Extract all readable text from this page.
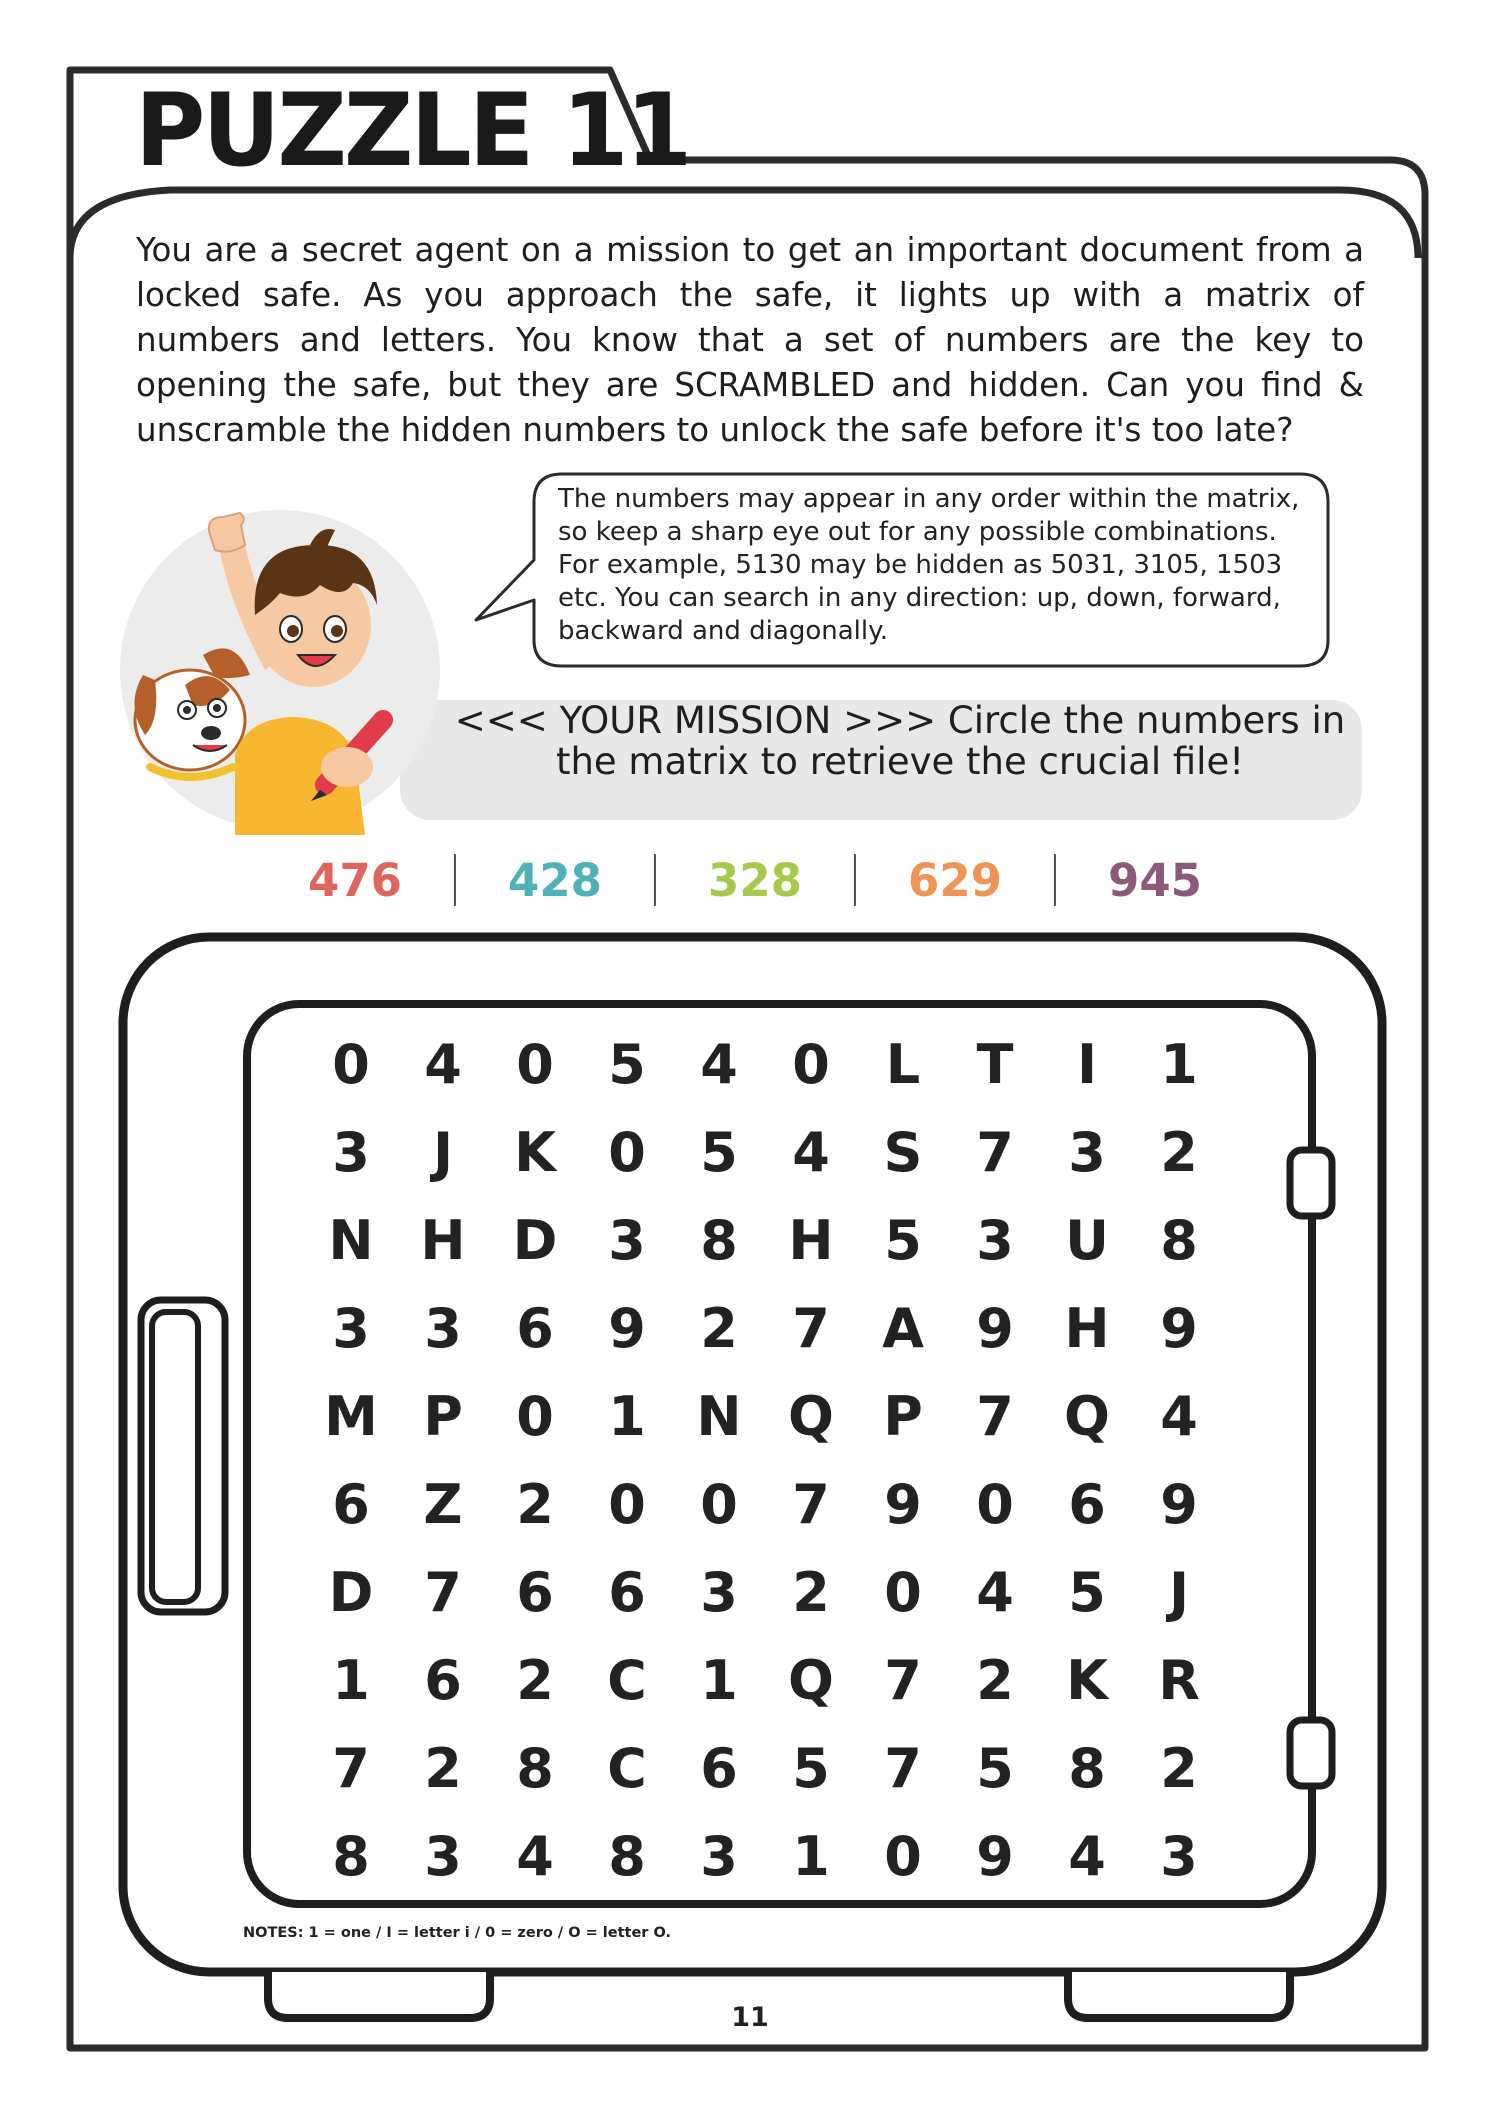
PUZZLE 11

You are a secret agent on a mission to get an important document from a locked safe. As you approach the safe, it lights up with a matrix of numbers and letters. You know that a set of numbers are the key to opening the safe, but they are SCRAMBLED and hidden. Can you find & unscramble the hidden numbers to unlock the safe before it's too late?

The numbers may appear in any order within the matrix, so keep a sharp eye out for any possible combinations. For example, 5130 may be hidden as 5031, 3105, 1503 etc. You can search in any direction: up, down, forward, backward and diagonally.

<<< YOUR MISSION >>> Circle the numbers in the matrix to retrieve the crucial file!

476	428	328	629	945
0	4	0	5	4	0	L	T	I	1
3	J	K 0	5	4 S 7	3	2
N H D 3	8 H 5	3 U 8
3	3	6	9	2	7 A 9 H 9
M P 0	1 N Q P 7 Q 4
6 Z 2	0	0	7	9	0	6	9
D 7	6	6	3	2	0	4	5	J
1	6	2 C 1 Q 7	2 K R
7	2	8 C 6	5	7	5	8	2
8	3	4	8	3	1	0	9	4	3

NOTES: 1 = one / I = letter i / 0 = zero / O = letter O.

11
